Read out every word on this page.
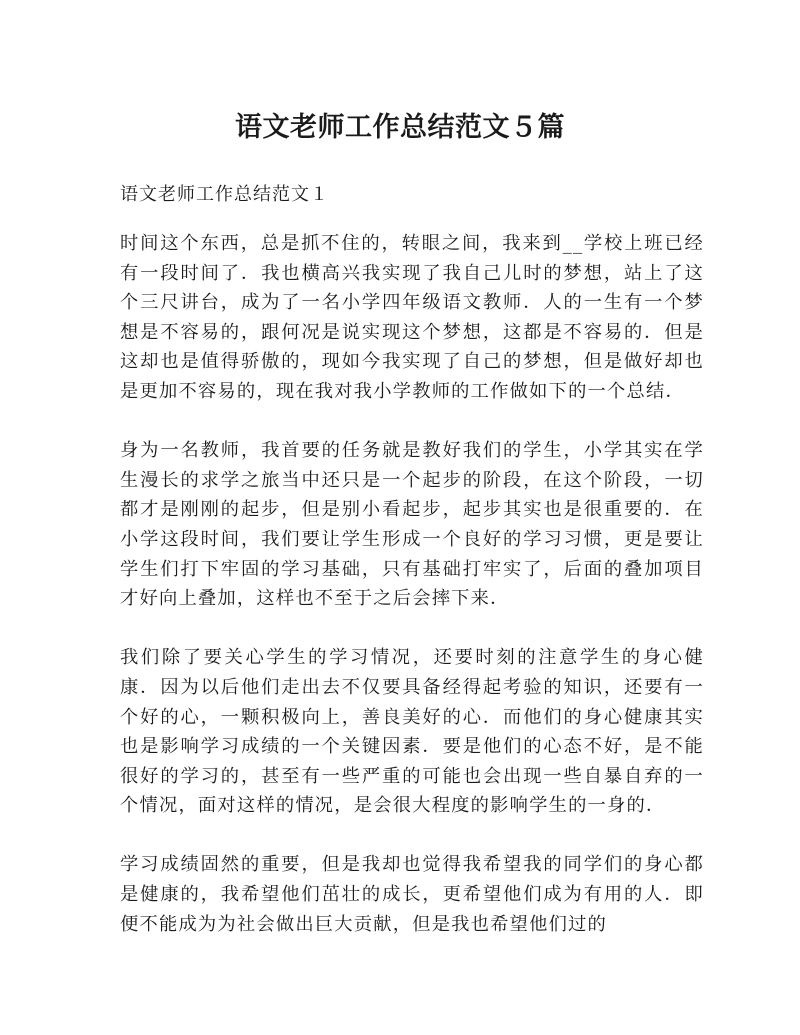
语文老师工作总结范文５篇
语文老师工作总结范文１

时间这个东西，总是抓不住的，转眼之间，我来到__学校上班已经有一段时间了．我也横高兴我实现了我自己儿时的梦想，站上了这个三尺讲台，成为了一名小学四年级语文教师．人的一生有一个梦想是不容易的，跟何况是说实现这个梦想，这都是不容易的．但是这却也是值得骄傲的，现如今我实现了自己的梦想，但是做好却也是更加不容易的，现在我对我小学教师的工作做如下的一个总结．

身为一名教师，我首要的任务就是教好我们的学生，小学其实在学生漫长的求学之旅当中还只是一个起步的阶段，在这个阶段，一切都才是刚刚的起步，但是别小看起步，起步其实也是很重要的．在小学这段时间，我们要让学生形成一个良好的学习习惯，更是要让学生们打下牢固的学习基础，只有基础打牢实了，后面的叠加项目才好向上叠加，这样也不至于之后会摔下来．

我们除了要关心学生的学习情况，还要时刻的注意学生的身心健康．因为以后他们走出去不仅要具备经得起考验的知识，还要有一个好的心，一颗积极向上，善良美好的心．而他们的身心健康其实也是影响学习成绩的一个关键因素．要是他们的心态不好，是不能很好的学习的，甚至有一些严重的可能也会出现一些自暴自弃的一个情况，面对这样的情况，是会很大程度的影响学生的一身的．

学习成绩固然的重要，但是我却也觉得我希望我的同学们的身心都是健康的，我希望他们茁壮的成长，更希望他们成为有用的人．即便不能成为为社会做出巨大贡献，但是我也希望他们过的
